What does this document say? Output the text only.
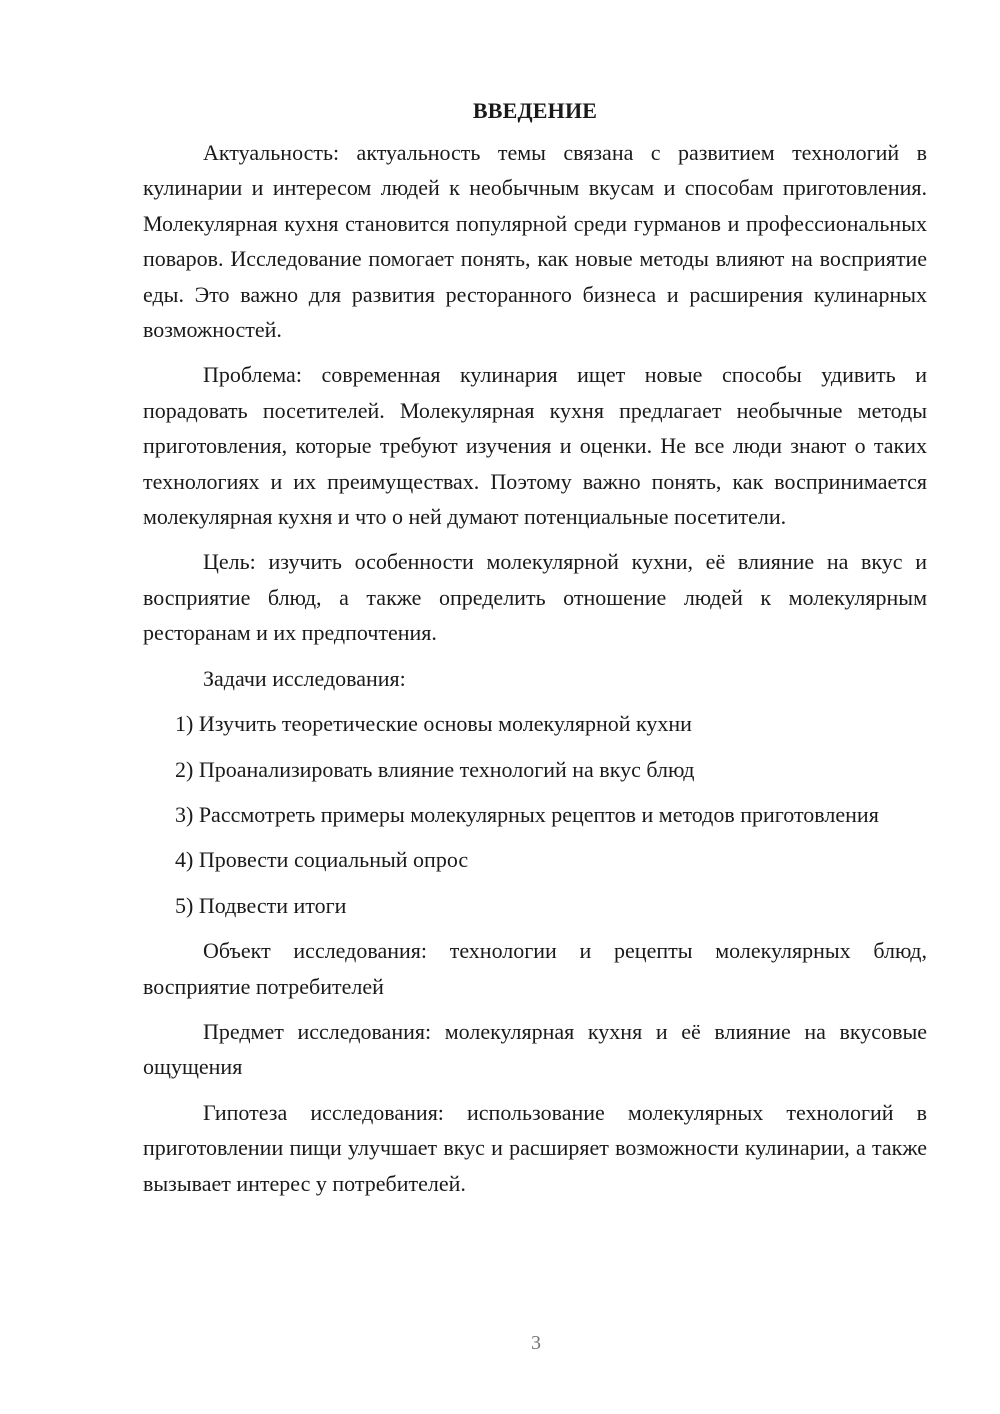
ВВЕДЕНИЕ

Актуальность: актуальность темы связана с развитием технологий в кулинарии и интересом людей к необычным вкусам и способам приготовления. Молекулярная кухня становится популярной среди гурманов и профессиональных поваров. Исследование помогает понять, как новые методы влияют на восприятие еды. Это важно для развития ресторанного бизнеса и расширения кулинарных возможностей.

Проблема: современная кулинария ищет новые способы удивить и порадовать посетителей. Молекулярная кухня предлагает необычные методы приготовления, которые требуют изучения и оценки. Не все люди знают о таких технологиях и их преимуществах. Поэтому важно понять, как воспринимается молекулярная кухня и что о ней думают потенциальные посетители.

Цель: изучить особенности молекулярной кухни, её влияние на вкус и восприятие блюд, а также определить отношение людей к молекулярным ресторанам и их предпочтения.

Задачи исследования:

1) Изучить теоретические основы молекулярной кухни

2) Проанализировать влияние технологий на вкус блюд

3) Рассмотреть примеры молекулярных рецептов и методов приготовления

4) Провести социальный опрос

5) Подвести итоги

Объект исследования: технологии и рецепты молекулярных блюд, восприятие потребителей

Предмет исследования: молекулярная кухня и её влияние на вкусовые ощущения

Гипотеза исследования: использование молекулярных технологий в приготовлении пищи улучшает вкус и расширяет возможности кулинарии, а также вызывает интерес у потребителей.

3
